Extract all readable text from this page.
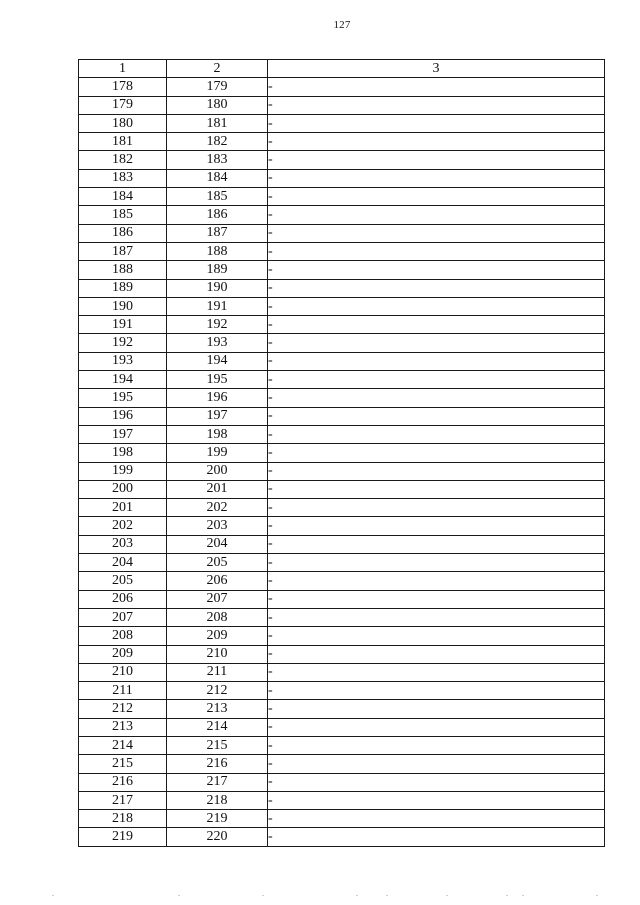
127
1	2	3
178	179	-
179	180	-
180	181	-
181	182	-
182	183	-
183	184	-
184	185	-
185	186	-
186	187	-
187	188	-
188	189	-
189	190	-
190	191	-
191	192	-
192	193	-
193	194	-
194	195	-
195	196	-
196	197	-
197	198	-
198	199	-
199	200	-
200	201	-
201	202	-
202	203	-
203	204	-
204	205	-
205	206	-
206	207	-
207	208	-
208	209	-
209	210	-
210	211	-
211	212	-
212	213	-
213	214	-
214	215	-
215	216	-
216	217	-
217	218	-
218	219	-
219	220	-
